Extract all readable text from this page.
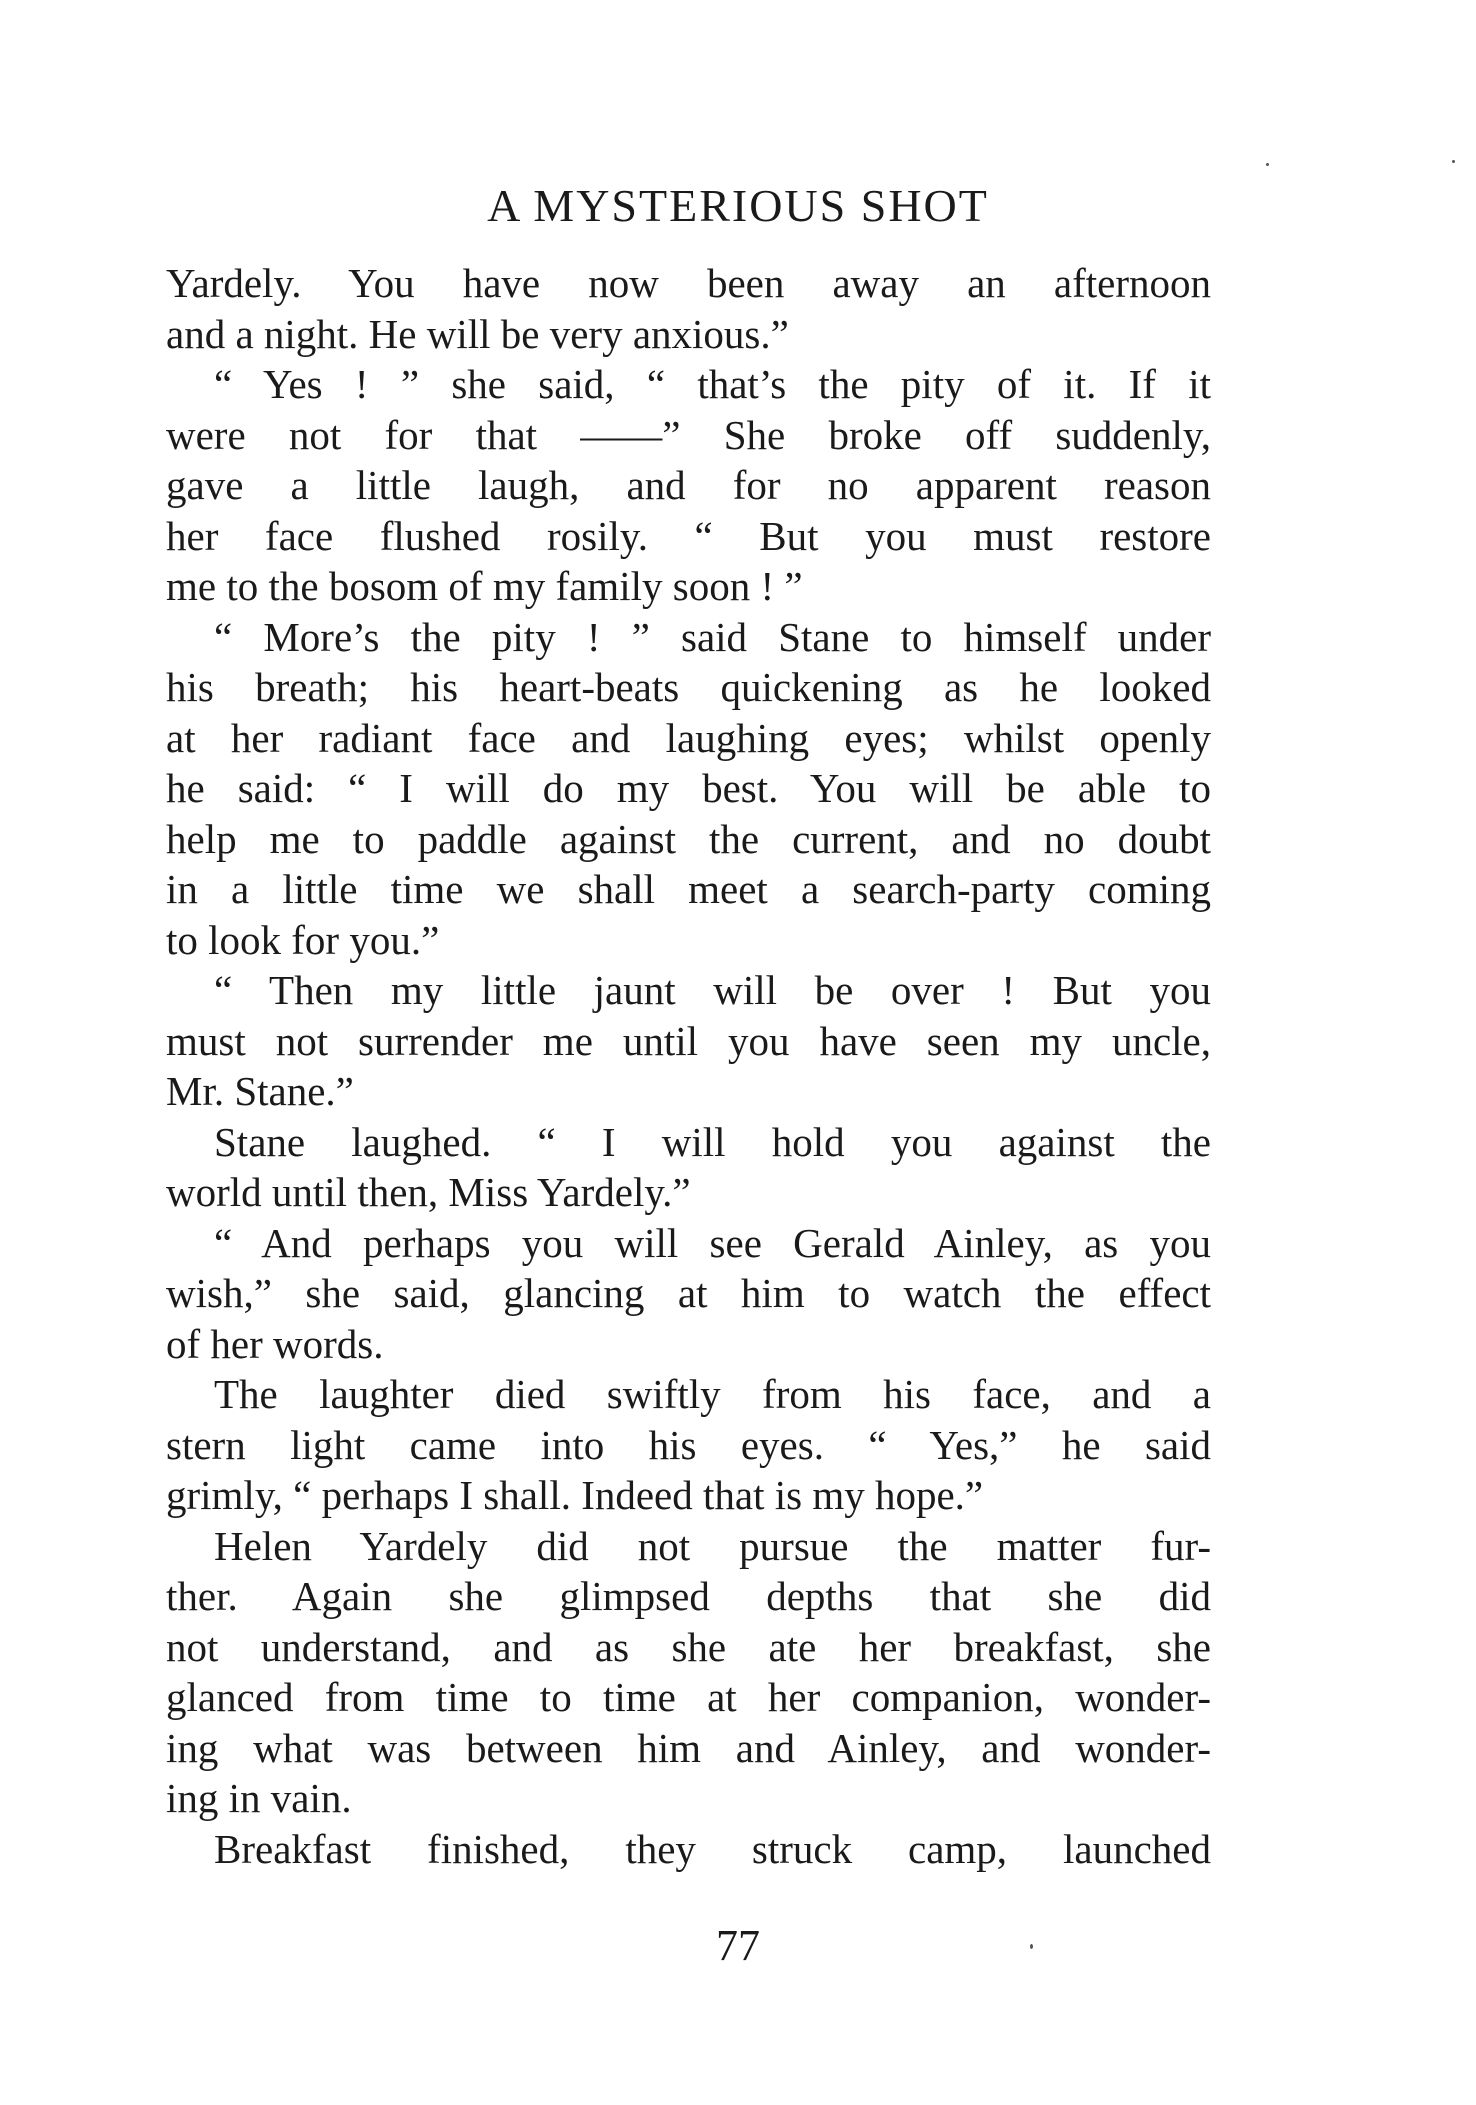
A MYSTERIOUS SHOT
Yardely. You have now been away an afternoon
and a night. He will be very anxious.”
“ Yes ! ” she said, “ that’s the pity of it. If it
were not for that ——” She broke off suddenly,
gave a little laugh, and for no apparent reason
her face flushed rosily. “ But you must restore
me to the bosom of my family soon ! ”
“ More’s the pity ! ” said Stane to himself under
his breath; his heart-beats quickening as he looked
at her radiant face and laughing eyes; whilst openly
he said: “ I will do my best. You will be able to
help me to paddle against the current, and no doubt
in a little time we shall meet a search-party coming
to look for you.”
“ Then my little jaunt will be over ! But you
must not surrender me until you have seen my uncle,
Mr. Stane.”
Stane laughed. “ I will hold you against the
world until then, Miss Yardely.”
“ And perhaps you will see Gerald Ainley, as you
wish,” she said, glancing at him to watch the effect
of her words.
The laughter died swiftly from his face, and a
stern light came into his eyes. “ Yes,” he said
grimly, “ perhaps I shall. Indeed that is my hope.”
Helen Yardely did not pursue the matter fur-
ther. Again she glimpsed depths that she did
not understand, and as she ate her breakfast, she
glanced from time to time at her companion, wonder-
ing what was between him and Ainley, and wonder-
ing in vain.
Breakfast finished, they struck camp, launched
77
